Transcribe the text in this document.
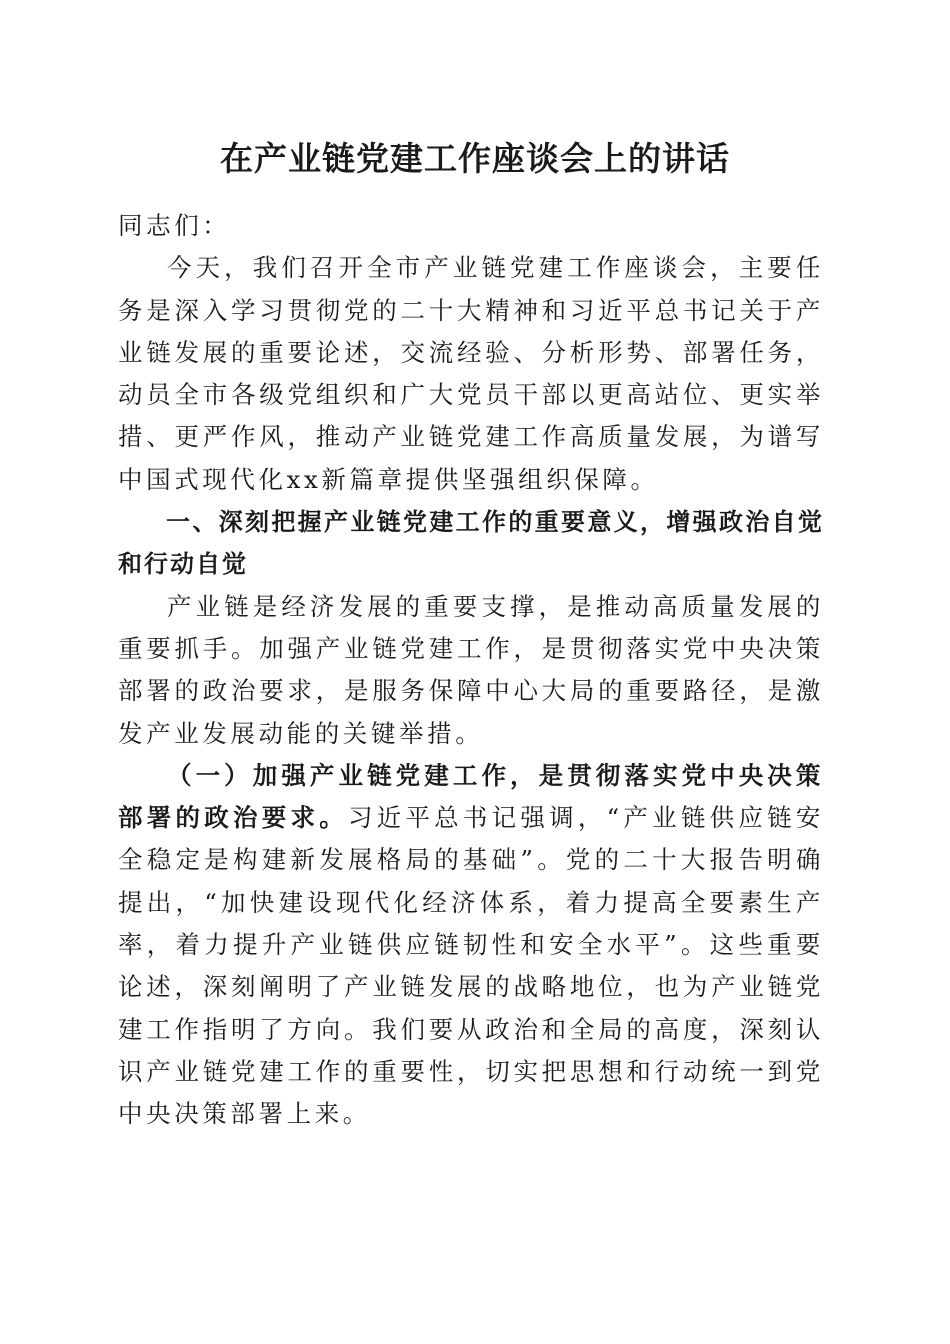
在产业链党建工作座谈会上的讲话

同志们：

今天，我们召开全市产业链党建工作座谈会，主要任务是深入学习贯彻党的二十大精神和习近平总书记关于产业链发展的重要论述，交流经验、分析形势、部署任务，动员全市各级党组织和广大党员干部以更高站位、更实举措、更严作风，推动产业链党建工作高质量发展，为谱写中国式现代化xx新篇章提供坚强组织保障。

一、深刻把握产业链党建工作的重要意义，增强政治自觉和行动自觉

产业链是经济发展的重要支撑，是推动高质量发展的重要抓手。加强产业链党建工作，是贯彻落实党中央决策部署的政治要求，是服务保障中心大局的重要路径，是激发产业发展动能的关键举措。

（一）加强产业链党建工作，是贯彻落实党中央决策部署的政治要求。习近平总书记强调，“产业链供应链安全稳定是构建新发展格局的基础”。党的二十大报告明确提出，“加快建设现代化经济体系，着力提高全要素生产率，着力提升产业链供应链韧性和安全水平”。这些重要论述，深刻阐明了产业链发展的战略地位，也为产业链党建工作指明了方向。我们要从政治和全局的高度，深刻认识产业链党建工作的重要性，切实把思想和行动统一到党中央决策部署上来。
